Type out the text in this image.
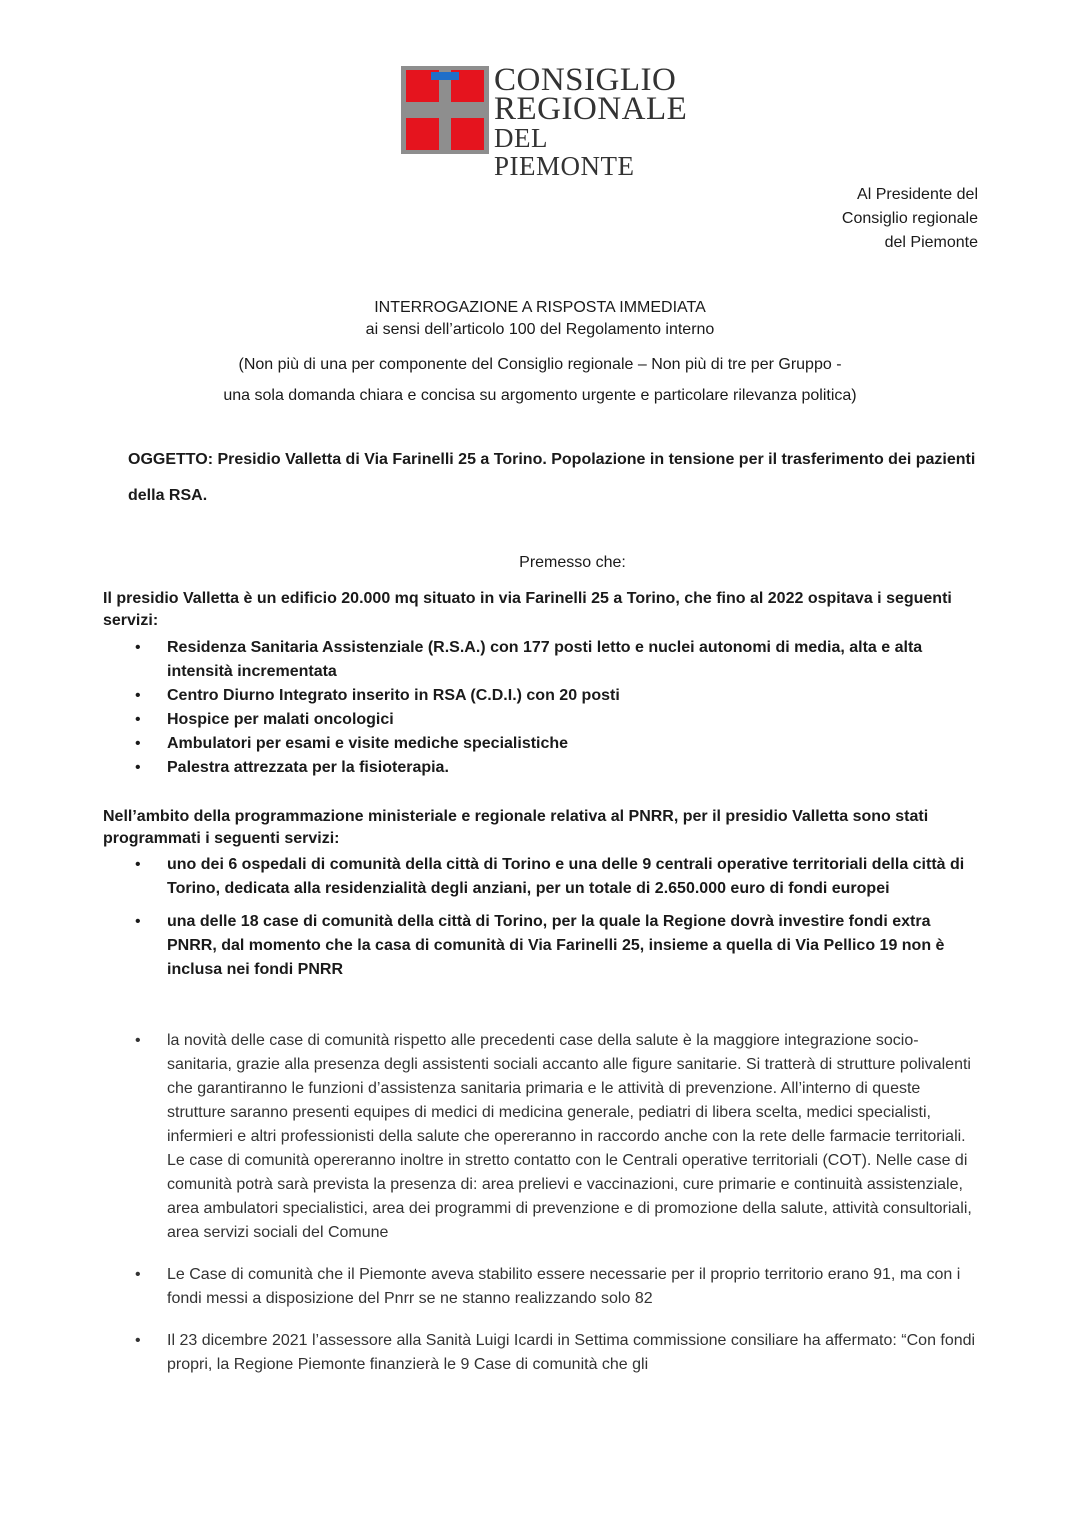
CONSIGLIO
REGIONALE
DEL PIEMONTE
Al Presidente del
Consiglio regionale
del Piemonte
INTERROGAZIONE A RISPOSTA IMMEDIATA
ai sensi dell’articolo 100 del Regolamento interno
(Non più di una per componente del Consiglio regionale – Non più di tre per Gruppo -
una sola domanda chiara e concisa su argomento urgente e particolare rilevanza politica)
OGGETTO: Presidio Valletta di Via Farinelli 25 a Torino. Popolazione in tensione per il trasferimento dei pazienti della RSA.
Premesso che:
Il presidio Valletta è un edificio 20.000 mq situato in via Farinelli 25 a Torino, che fino al 2022 ospitava i seguenti servizi:
• Residenza Sanitaria Assistenziale (R.S.A.) con 177 posti letto e nuclei autonomi di media, alta e alta intensità incrementata
• Centro Diurno Integrato inserito in RSA (C.D.I.) con 20 posti
• Hospice per malati oncologici
• Ambulatori per esami e visite mediche specialistiche
• Palestra attrezzata per la fisioterapia.
Nell’ambito della programmazione ministeriale e regionale relativa al PNRR, per il presidio Valletta sono stati programmati i seguenti servizi:
• uno dei 6 ospedali di comunità della città di Torino e una delle 9 centrali operative territoriali della città di Torino, dedicata alla residenzialità degli anziani, per un totale di 2.650.000 euro di fondi europei
• una delle 18 case di comunità della città di Torino, per la quale la Regione dovrà investire fondi extra PNRR, dal momento che la casa di comunità di Via Farinelli 25, insieme a quella di Via Pellico 19 non è inclusa nei fondi PNRR
• la novità delle case di comunità rispetto alle precedenti case della salute è la maggiore integrazione socio-sanitaria, grazie alla presenza degli assistenti sociali accanto alle figure sanitarie. Si tratterà di strutture polivalenti che garantiranno le funzioni d’assistenza sanitaria primaria e le attività di prevenzione. All’interno di queste strutture saranno presenti equipes di medici di medicina generale, pediatri di libera scelta, medici specialisti, infermieri e altri professionisti della salute che opereranno in raccordo anche con la rete delle farmacie territoriali. Le case di comunità opereranno inoltre in stretto contatto con le Centrali operative territoriali (COT). Nelle case di comunità potrà sarà prevista la presenza di: area prelievi e vaccinazioni, cure primarie e continuità assistenziale, area ambulatori specialistici, area dei programmi di prevenzione e di promozione della salute, attività consultoriali, area servizi sociali del Comune
• Le Case di comunità che il Piemonte aveva stabilito essere necessarie per il proprio territorio erano 91, ma con i fondi messi a disposizione del Pnrr se ne stanno realizzando solo 82
• Il 23 dicembre 2021 l’assessore alla Sanità Luigi Icardi in Settima commissione consiliare ha affermato: “Con fondi propri, la Regione Piemonte finanzierà le 9 Case di comunità che gli
